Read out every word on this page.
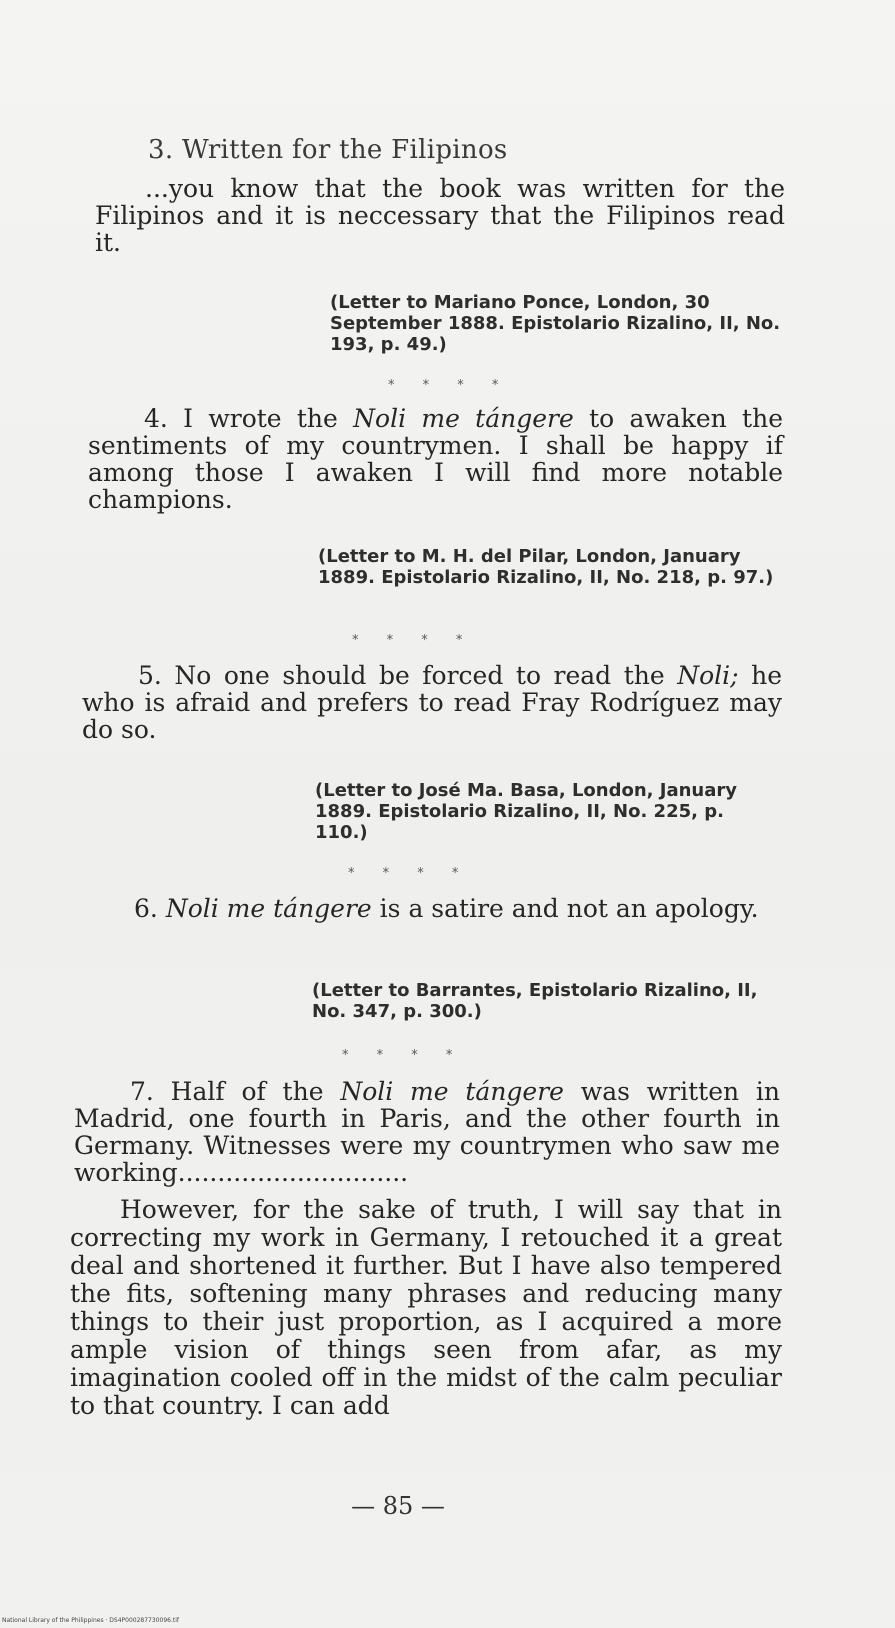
3. Written for the Filipinos
...you know that the book was written for the Filipinos and it is neccessary that the Filipinos read it.
(Letter to Mariano Ponce, London, 30 September 1888. Epistolario Rizalino, II, No. 193, p. 49.)
* * * *
4. I wrote the Noli me tángere to awaken the sentiments of my countrymen. I shall be happy if among those I awaken I will find more notable champions.
(Letter to M. H. del Pilar, London, January 1889. Epistolario Rizalino, II, No. 218, p. 97.)
* * * *
5. No one should be forced to read the Noli; he who is afraid and prefers to read Fray Rodríguez may do so.
(Letter to José Ma. Basa, London, January 1889. Epistolario Rizalino, II, No. 225, p. 110.)
* * * *
6. Noli me tángere is a satire and not an apology.
(Letter to Barrantes, Epistolario Rizalino, II, No. 347, p. 300.)
* * * *
7. Half of the Noli me tángere was written in Madrid, one fourth in Paris, and the other fourth in Germany. Witnesses were my countrymen who saw me working.............................
However, for the sake of truth, I will say that in correcting my work in Germany, I retouched it a great deal and shortened it further. But I have also tempered the fits, softening many phrases and reducing many things to their just proportion, as I acquired a more ample vision of things seen from afar, as my imagination cooled off in the midst of the calm peculiar to that country. I can add
— 85 —
National Library of the Philippines · DS4P000287730096.tif
